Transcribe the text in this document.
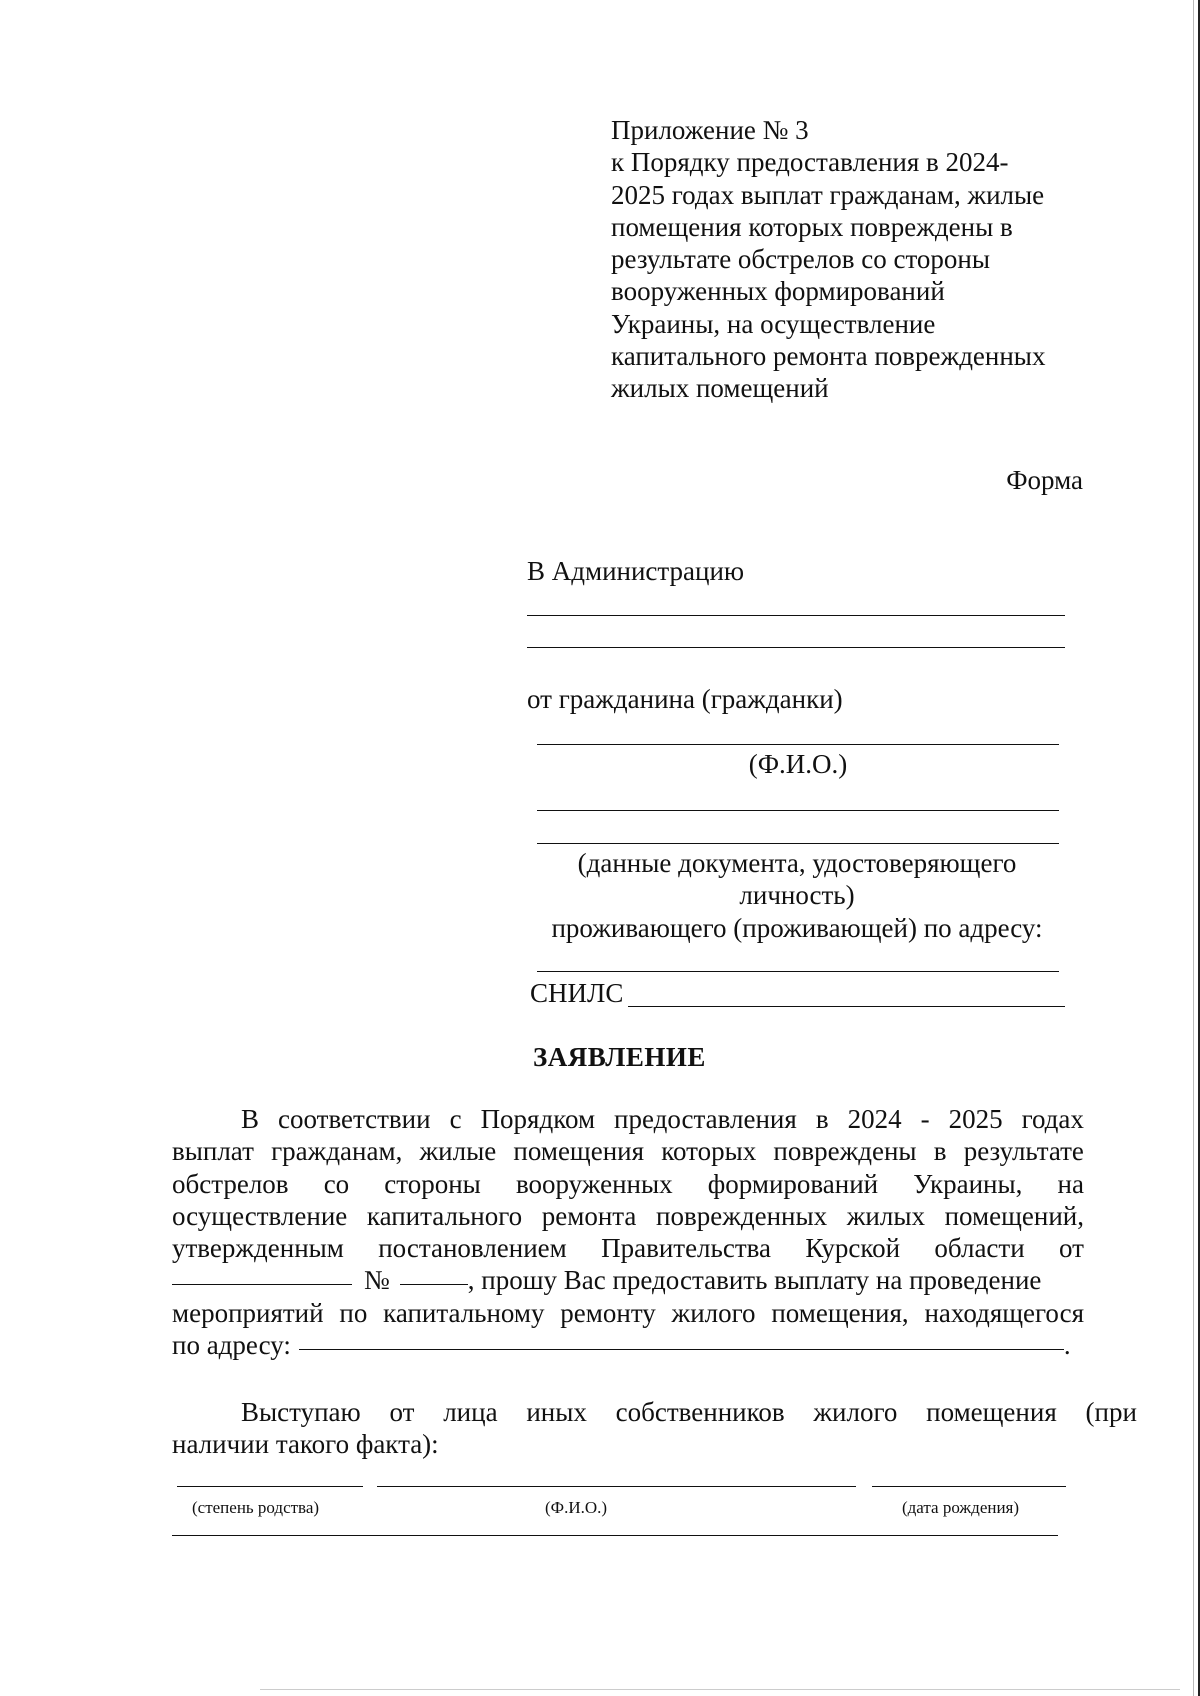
Приложение № 3
к Порядку предоставления в 2024-
2025 годах выплат гражданам, жилые
помещения которых повреждены в
результате обстрелов со стороны
вооруженных формирований
Украины, на осуществление
капитального ремонта поврежденных
жилых помещений
Форма
В Администрацию
от гражданина (гражданки)
(Ф.И.О.)
(данные документа, удостоверяющего
личность)
проживающего (проживающей) по адресу:
СНИЛС
ЗАЯВЛЕНИЕ
В соответствии с Порядком предоставления в 2024 - 2025 годах
выплат гражданам, жилые помещения которых повреждены в результате
обстрелов со стороны вооруженных формирований Украины, на
осуществление капитального ремонта поврежденных жилых помещений,
утвержденным постановлением Правительства Курской области от
№	, прошу Вас предоставить выплату на проведение
мероприятий по капитальному ремонту жилого помещения, находящегося
по адресу:	.
Выступаю от лица иных собственников жилого помещения (при
наличии такого факта):
(степень родства)	(Ф.И.О.)	(дата рождения)
